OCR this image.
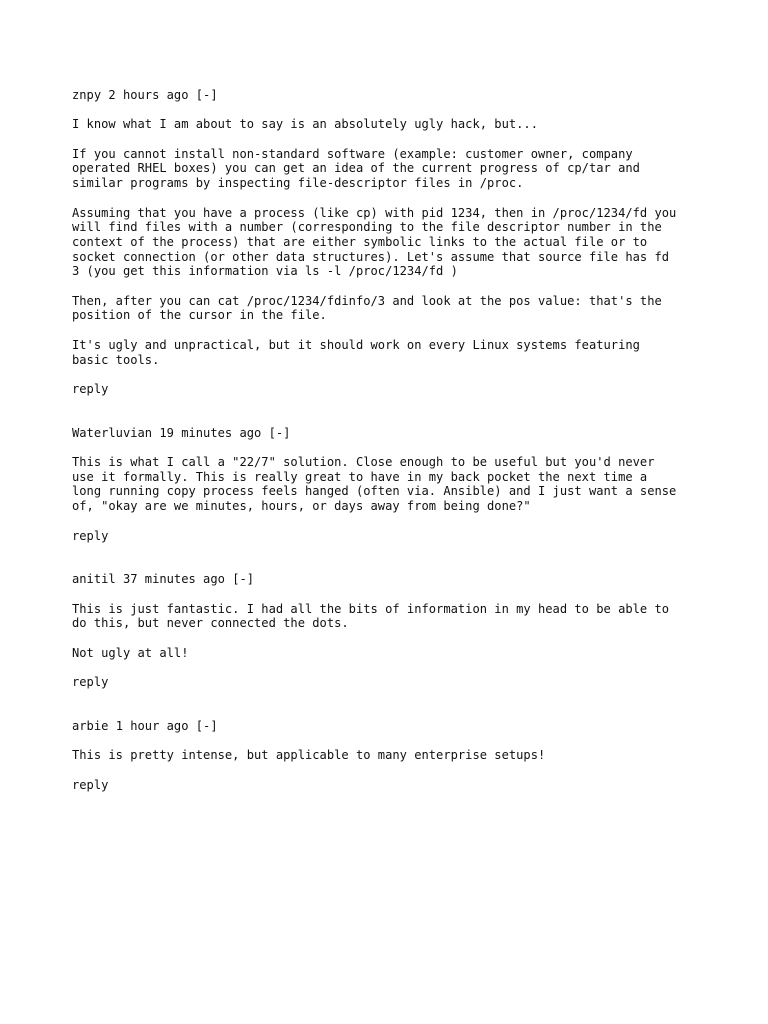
znpy 2 hours ago [-]

I know what I am about to say is an absolutely ugly hack, but...

If you cannot install non-standard software (example: customer owner, company
operated RHEL boxes) you can get an idea of the current progress of cp/tar and
similar programs by inspecting file-descriptor files in /proc.

Assuming that you have a process (like cp) with pid 1234, then in /proc/1234/fd you
will find files with a number (corresponding to the file descriptor number in the
context of the process) that are either symbolic links to the actual file or to
socket connection (or other data structures). Let's assume that source file has fd
3 (you get this information via ls -l /proc/1234/fd )

Then, after you can cat /proc/1234/fdinfo/3 and look at the pos value: that's the
position of the cursor in the file.

It's ugly and unpractical, but it should work on every Linux systems featuring
basic tools.

reply
Waterluvian 19 minutes ago [-]

This is what I call a "22/7" solution. Close enough to be useful but you'd never
use it formally. This is really great to have in my back pocket the next time a
long running copy process feels hanged (often via. Ansible) and I just want a sense
of, "okay are we minutes, hours, or days away from being done?"

reply
anitil 37 minutes ago [-]

This is just fantastic. I had all the bits of information in my head to be able to
do this, but never connected the dots.

Not ugly at all!

reply
arbie 1 hour ago [-]

This is pretty intense, but applicable to many enterprise setups!

reply
